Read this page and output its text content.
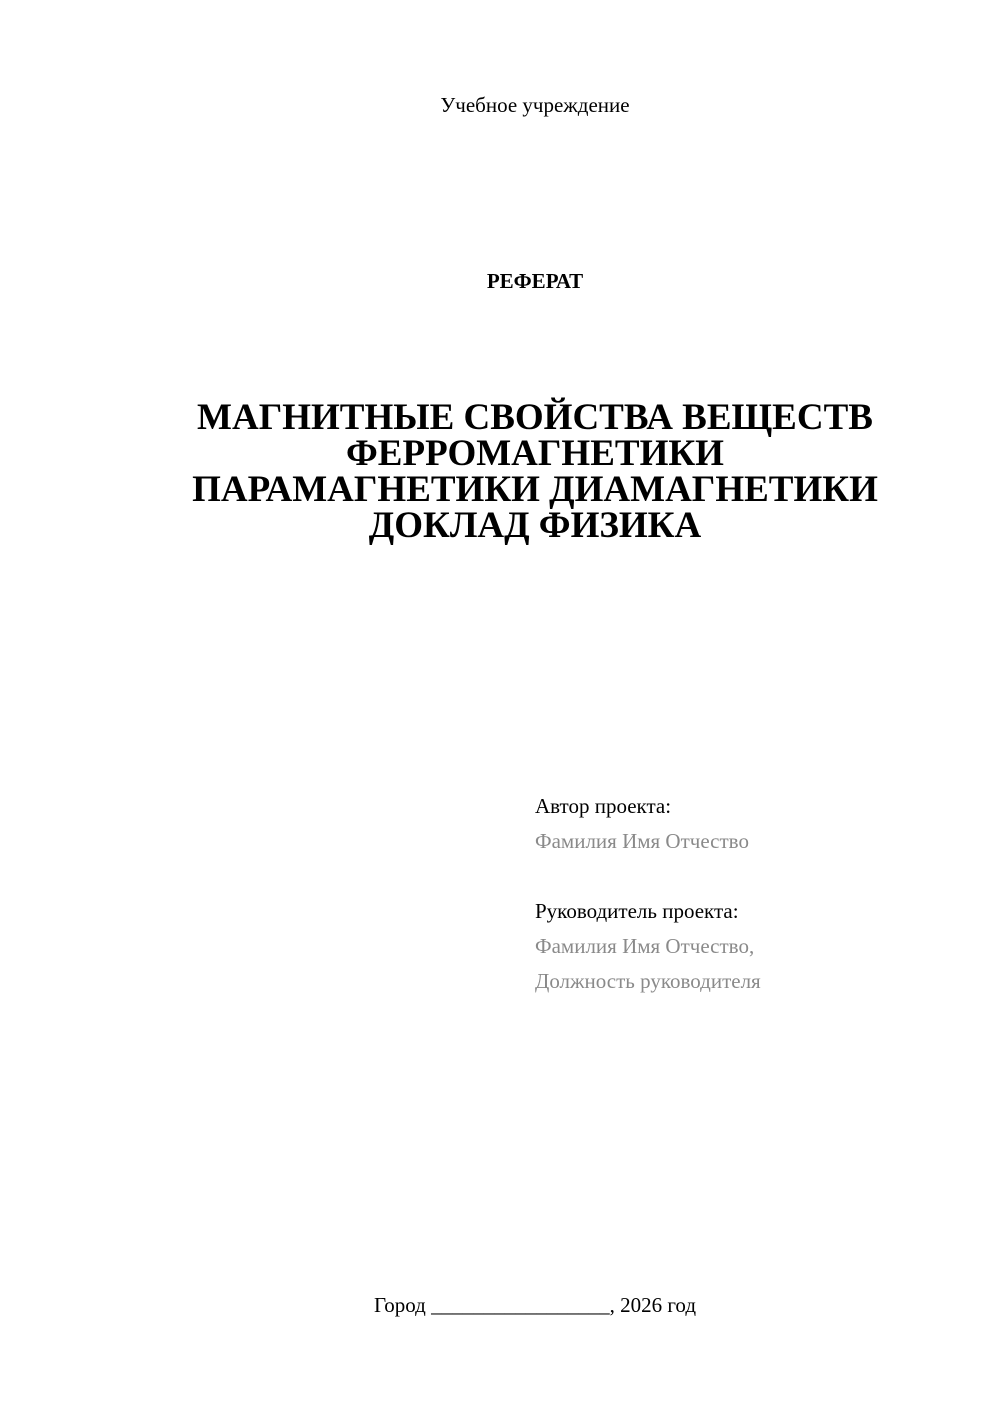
Учебное учреждение
РЕФЕРАТ
МАГНИТНЫЕ СВОЙСТВА ВЕЩЕСТВ
ФЕРРОМАГНЕТИКИ
ПАРАМАГНЕТИКИ ДИАМАГНЕТИКИ
ДОКЛАД ФИЗИКА
Автор проекта:
Фамилия Имя Отчество
Руководитель проекта:
Фамилия Имя Отчество,
Должность руководителя
Город _________________, 2026 год
